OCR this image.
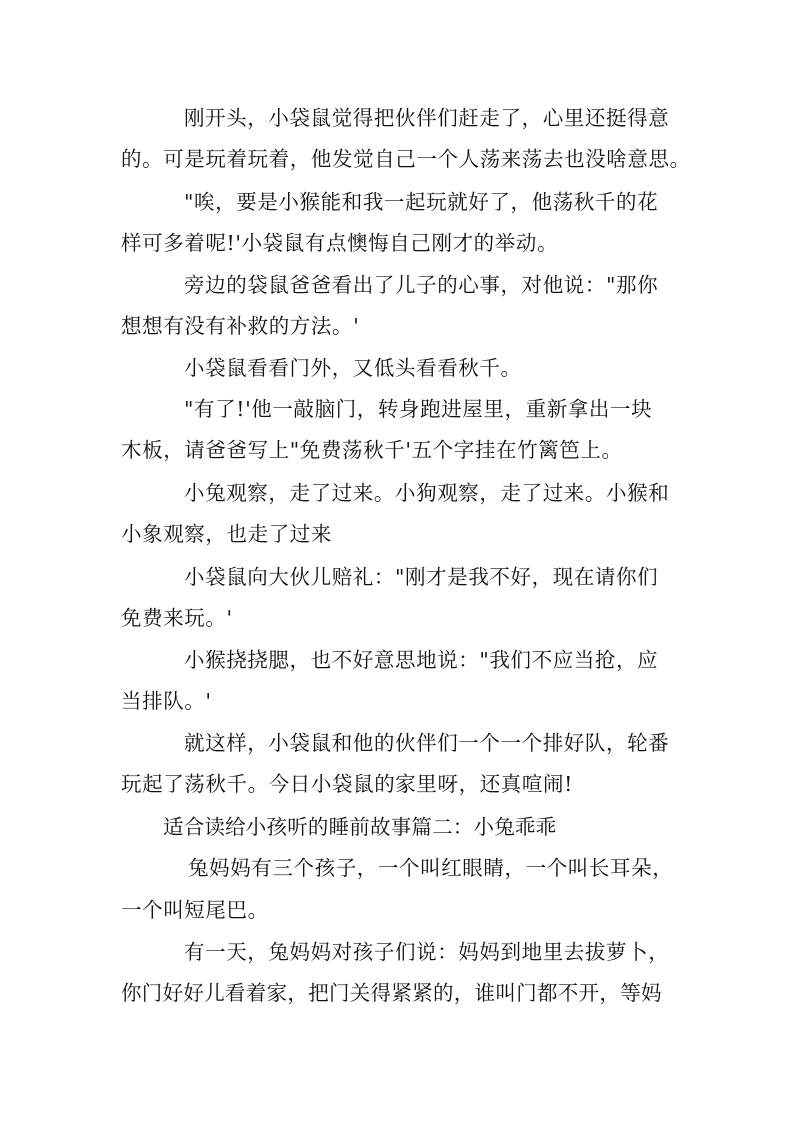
刚开头，小袋鼠觉得把伙伴们赶走了，心里还挺得意
的。可是玩着玩着，他发觉自己一个人荡来荡去也没啥意思。
"唉，要是小猴能和我一起玩就好了，他荡秋千的花
样可多着呢!'小袋鼠有点懊悔自己刚才的举动。
旁边的袋鼠爸爸看出了儿子的心事，对他说："那你
想想有没有补救的方法。'
小袋鼠看看门外，又低头看看秋千。
"有了!'他一敲脑门，转身跑进屋里，重新拿出一块
木板，请爸爸写上"免费荡秋千'五个字挂在竹篱笆上。
小兔观察，走了过来。小狗观察，走了过来。小猴和
小象观察，也走了过来
小袋鼠向大伙儿赔礼："刚才是我不好，现在请你们
免费来玩。'
小猴挠挠腮，也不好意思地说："我们不应当抢，应
当排队。'
就这样，小袋鼠和他的伙伴们一个一个排好队，轮番
玩起了荡秋千。今日小袋鼠的家里呀，还真喧闹!
适合读给小孩听的睡前故事篇二：小兔乖乖
兔妈妈有三个孩子，一个叫红眼睛，一个叫长耳朵，
一个叫短尾巴。
有一天，兔妈妈对孩子们说：妈妈到地里去拔萝卜，
你门好好儿看着家，把门关得紧紧的，谁叫门都不开，等妈
